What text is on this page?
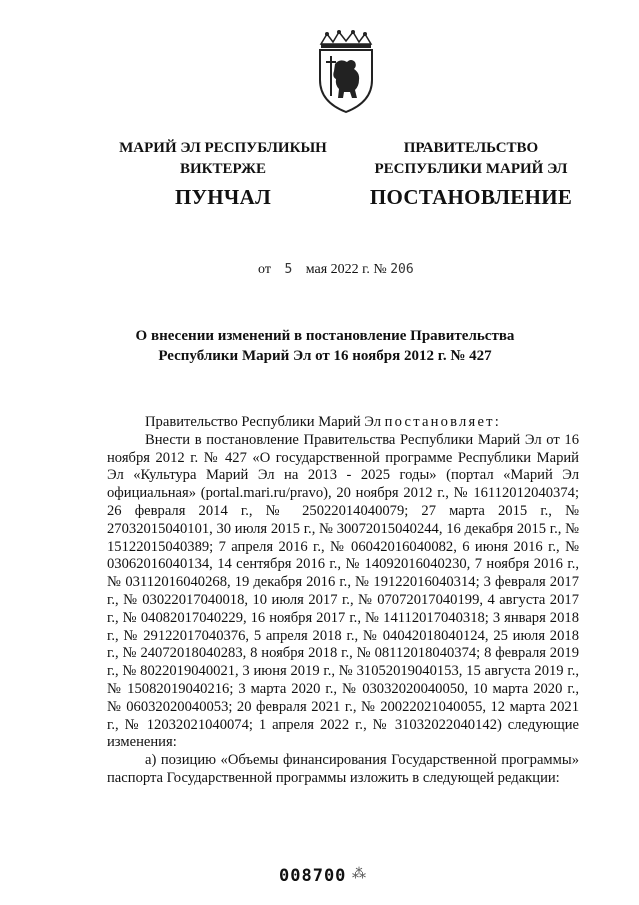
МАРИЙ ЭЛ РЕСПУБЛИКЫН
ВИКТЕРЖЕ
ПУНЧАЛ
ПРАВИТЕЛЬСТВО
РЕСПУБЛИКИ МАРИЙ ЭЛ
ПОСТАНОВЛЕНИЕ
от 5 мая 2022 г. № 206
О внесении изменений в постановление Правительства
Республики Марий Эл от 16 ноября 2012 г. № 427

Правительство Республики Марий Эл постановляет:

Внести в постановление Правительства Республики Марий Эл от 16 ноября 2012 г. № 427 «О государственной программе Республики Марий Эл «Культура Марий Эл на 2013 - 2025 годы» (портал «Марий Эл официальная» (portal.mari.ru/pravo), 20 ноября 2012 г., № 16112012040374; 26 февраля 2014 г., № 25022014040079; 27 марта 2015 г., № 27032015040101, 30 июля 2015 г., № 30072015040244, 16 декабря 2015 г., № 15122015040389; 7 апреля 2016 г., № 06042016040082, 6 июня 2016 г., № 03062016040134, 14 сентября 2016 г., № 14092016040230, 7 ноября 2016 г., № 03112016040268, 19 декабря 2016 г., № 19122016040314; 3 февраля 2017 г., № 03022017040018, 10 июля 2017 г., № 07072017040199, 4 августа 2017 г., № 04082017040229, 16 ноября 2017 г., № 14112017040318; 3 января 2018 г., № 29122017040376, 5 апреля 2018 г., № 04042018040124, 25 июля 2018 г., № 24072018040283, 8 ноября 2018 г., № 08112018040374; 8 февраля 2019 г., № 8022019040021, 3 июня 2019 г., № 31052019040153, 15 августа 2019 г., № 15082019040216; 3 марта 2020 г., № 03032020040050, 10 марта 2020 г., № 06032020040053; 20 февраля 2021 г., № 20022021040055, 12 марта 2021 г., № 12032021040074; 1 апреля 2022 г., № 31032022040142) следующие изменения:

а) позицию «Объемы финансирования Государственной программы» паспорта Государственной программы изложить в следующей редакции:

008700 ⁂
